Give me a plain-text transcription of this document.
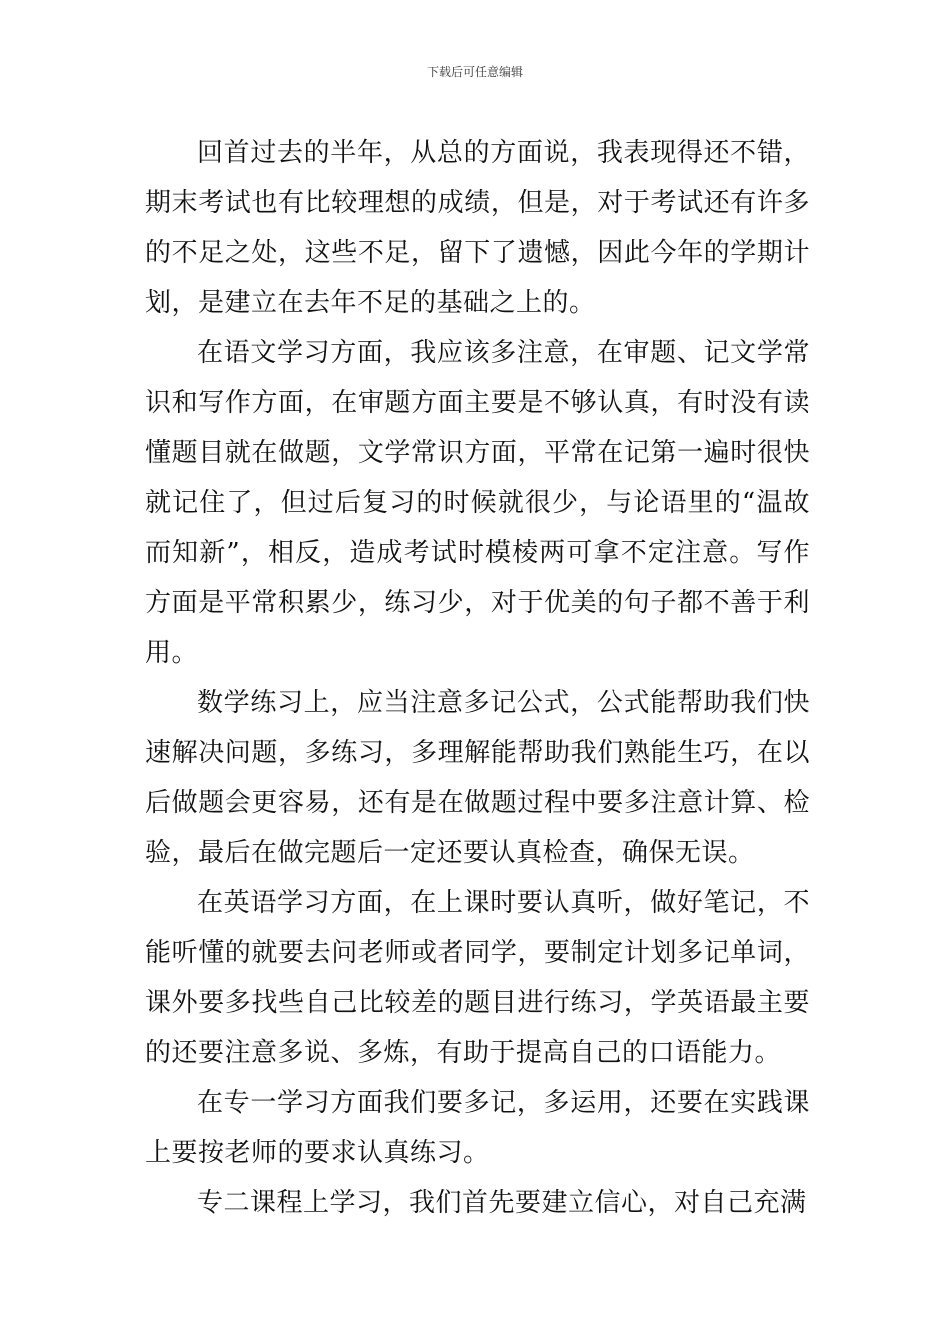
下载后可任意编辑

回首过去的半年，从总的方面说，我表现得还不错，期末考试也有比较理想的成绩，但是，对于考试还有许多的不足之处，这些不足，留下了遗憾，因此今年的学期计划，是建立在去年不足的基础之上的。

在语文学习方面，我应该多注意，在审题、记文学常识和写作方面，在审题方面主要是不够认真，有时没有读懂题目就在做题，文学常识方面，平常在记第一遍时很快就记住了，但过后复习的时候就很少，与论语里的“温故而知新”，相反，造成考试时模棱两可拿不定注意。写作方面是平常积累少，练习少，对于优美的句子都不善于利用。

数学练习上，应当注意多记公式，公式能帮助我们快速解决问题，多练习，多理解能帮助我们熟能生巧，在以后做题会更容易，还有是在做题过程中要多注意计算、检验，最后在做完题后一定还要认真检查，确保无误。

在英语学习方面，在上课时要认真听，做好笔记，不能听懂的就要去问老师或者同学，要制定计划多记单词，课外要多找些自己比较差的题目进行练习，学英语最主要的还要注意多说、多炼，有助于提高自己的口语能力。

在专一学习方面我们要多记，多运用，还要在实践课上要按老师的要求认真练习。

专二课程上学习，我们首先要建立信心，对自己充满
